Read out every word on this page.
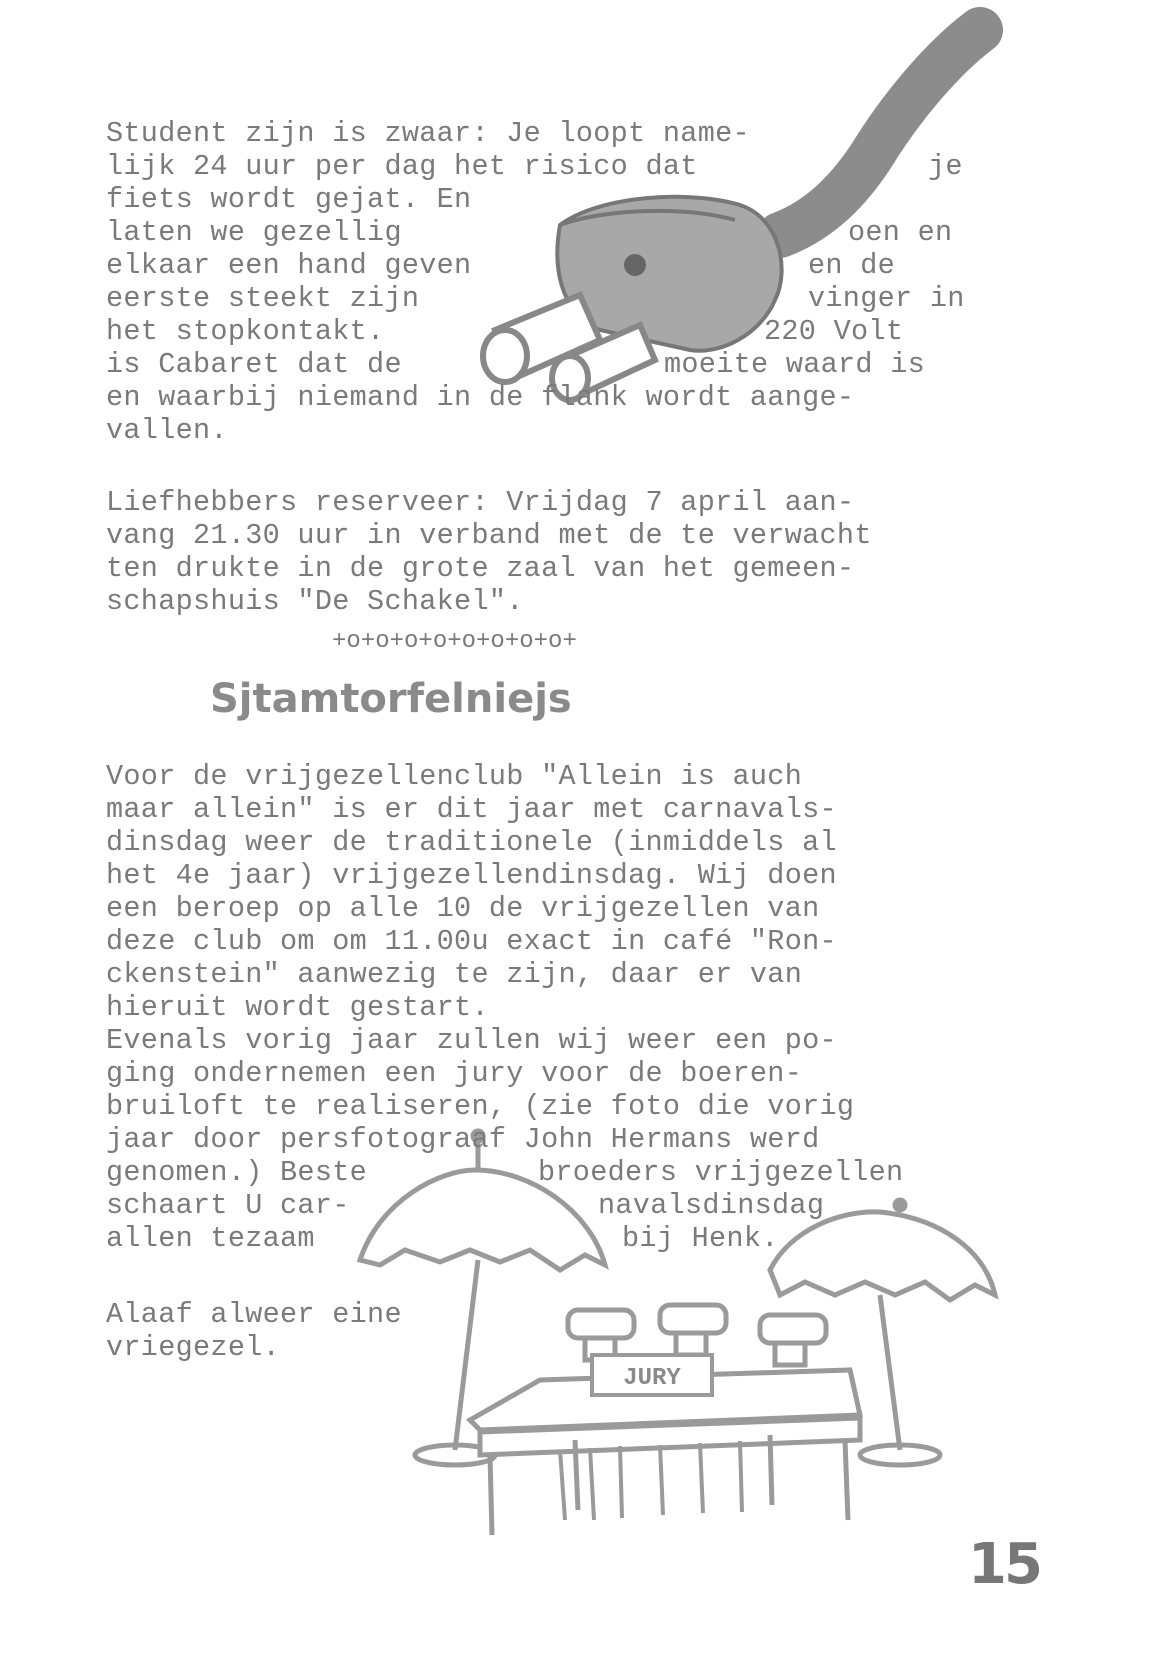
JURY
Student zijn is zwaar: Je loopt name-
lijk 24 uur per dag het risico dat	je
fiets wordt gejat. En
laten we gezellig	oen en
elkaar een hand geven	en de
eerste steekt zijn	vinger in
het stopkontakt.	220 Volt
is Cabaret dat de	moeite waard is
en waarbij niemand in de flank wordt aange-
vallen.
Liefhebbers reserveer: Vrijdag 7 april aan-
vang 21.30 uur in verband met de te verwacht
ten drukte in de grote zaal van het gemeen-
schapshuis "De Schakel".
+o+o+o+o+o+o+o+o+
Sjtamtorfelniejs
Voor de vrijgezellenclub "Allein is auch
maar allein" is er dit jaar met carnavals-
dinsdag weer de traditionele (inmiddels al
het 4e jaar) vrijgezellendinsdag. Wij doen
een beroep op alle 10 de vrijgezellen van
deze club om om 11.00u exact in café "Ron-
ckenstein" aanwezig te zijn, daar er van
hieruit wordt gestart.
Evenals vorig jaar zullen wij weer een po-
ging ondernemen een jury voor de boeren-
bruiloft te realiseren, (zie foto die vorig
jaar door persfotograaf John Hermans werd
genomen.) Beste	broeders vrijgezellen
schaart U car-	navalsdinsdag
allen tezaam	bij Henk.
Alaaf alweer eine
vriegezel.
15
